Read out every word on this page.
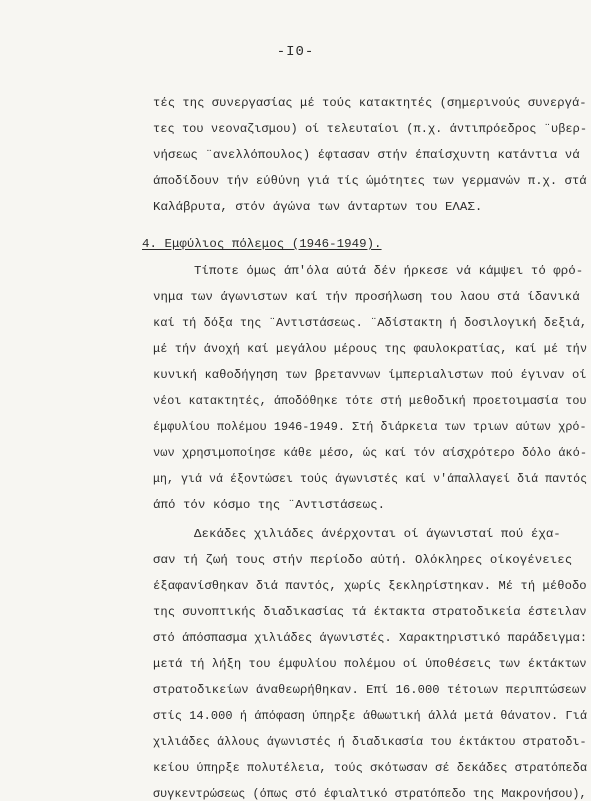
-I0-
τές της συνεργασίας μέ τούς κατακτητές (σημερινούς συνεργά-
τες του νεοναζισμου) οί τελευταίοι (π.χ. άντιπρόεδρος ¨υβερ-
νήσεως ¨ανελλόπουλος) έφτασαν στήν έπαίσχυντη κατάντια νά
άποδίδουν τήν εύθύνη γιά τίς ώμότητες των γερμανών π.χ. στά
Καλάβρυτα, στόν άγώνα των άνταρτων του ΕΛΑΣ.
4. Εμφύλιος πόλεμος (1946-1949).
Τίποτε όμως άπ'όλα αύτά δέν ήρκεσε νά κάμψει τό φρό-
νημα των άγωνιστων καί τήν προσήλωση του λαου στά ίδανικά
καί τή δόξα της ¨Αντιστάσεως. ¨Αδίστακτη ή δοσιλογική δεξιά,
μέ τήν άνοχή καί μεγάλου μέρους της φαυλοκρατίας, καί μέ τήν
κυνική καθοδήγηση των βρεταννων ίμπεριαλιστων πού έγιναν οί
νέοι κατακτητές, άποδόθηκε τότε στή μεθοδική προετοιμασία του
έμφυλίου πολέμου 1946-1949. Στή διάρκεια των τριων αύτων χρό-
νων χρησιμοποίησε κάθε μέσο, ώς καί τόν αίσχρότερο δόλο άκό-
μη, γιά νά έξοντώσει τούς άγωνιστές καί ν'άπαλλαγεί διά παντός
άπό τόν κόσμο της ¨Αντιστάσεως.
Δεκάδες χιλιάδες άνέρχονται οί άγωνισταί πού έχα-
σαν τή ζωή τους στήν περίοδο αύτή. Ολόκληρες οίκογένειες
έξαφανίσθηκαν διά παντός, χωρίς ξεκληρίστηκαν. Μέ τή μέθοδο
της συνοπτικής διαδικασίας τά έκτακτα στρατοδικεία έστειλαν
στό άπόσπασμα χιλιάδες άγωνιστές. Χαρακτηριστικό παράδειγμα:
μετά τή λήξη του έμφυλίου πολέμου οί ύποθέσεις των έκτάκτων
στρατοδικείων άναθεωρήθηκαν. Επί 16.000 τέτοιων περιπτώσεων
στίς 14.000 ή άπόφαση ύπηρξε άθωωτική άλλά μετά θάνατον. Γιά
χιλιάδες άλλους άγωνιστές ή διαδικασία του έκτάκτου στρατοδι-
κείου ύπηρξε πολυτέλεια, τούς σκότωσαν σέ δεκάδες στρατόπεδα
συγκεντρώσεως (όπως στό έφιαλτικό στρατόπεδο της Μακρονήσου),
